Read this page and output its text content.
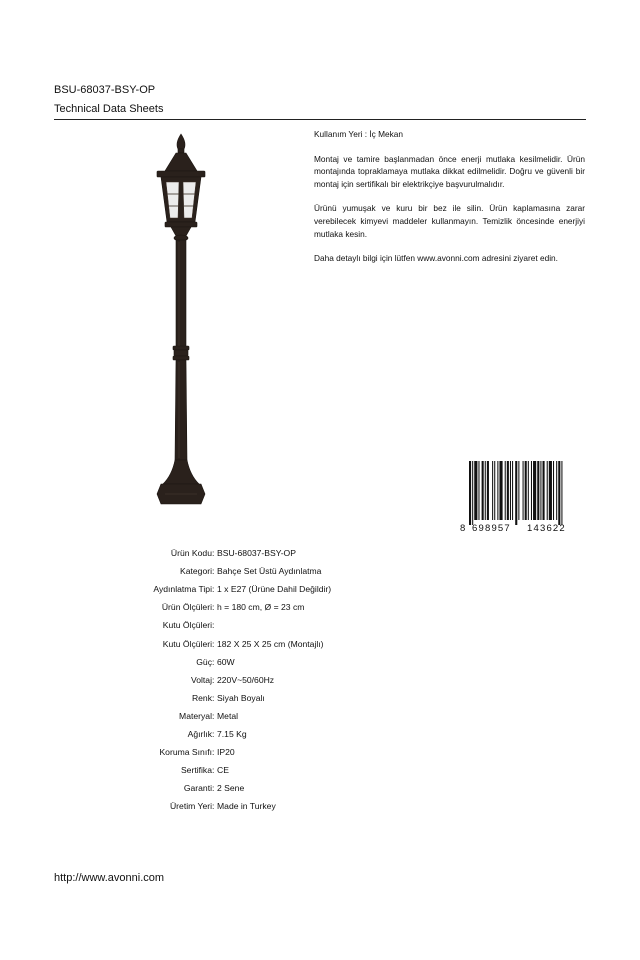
BSU-68037-BSY-OP
Technical Data Sheets

Kullanım Yeri : İç Mekan

Montaj ve tamire başlanmadan önce enerji mutlaka kesilmelidir. Ürün montajında topraklamaya mutlaka dikkat edilmelidir. Doğru ve güvenli bir montaj için sertifikalı bir elektrikçiye başvurulmalıdır.

Ürünü yumuşak ve kuru bir bez ile silin. Ürün kaplamasına zarar verebilecek kimyevi maddeler kullanmayın. Temizlik öncesinde enerjiyi mutlaka kesin.

Daha detaylı bilgi için lütfen www.avonni.com adresini ziyaret edin.

8 698957 143622
Ürün Kodu : BSU-68037-BSY-OP
Kategori : Bahçe Set Üstü Aydınlatma
Aydınlatma Tipi : 1 x E27 (Ürüne Dahil Değildir)
Ürün Ölçüleri : h = 180 cm, Ø = 23 cm
Kutu Ölçüleri :
Kutu Ölçüleri : 182 X 25 X 25 cm (Montajlı)
Güç : 60W
Voltaj : 220V~50/60Hz
Renk : Siyah Boyalı
Materyal : Metal
Ağırlık : 7.15 Kg
Koruma Sınıfı : IP20
Sertifika : CE
Garanti : 2 Sene
Üretim Yeri : Made in Turkey
http://www.avonni.com
